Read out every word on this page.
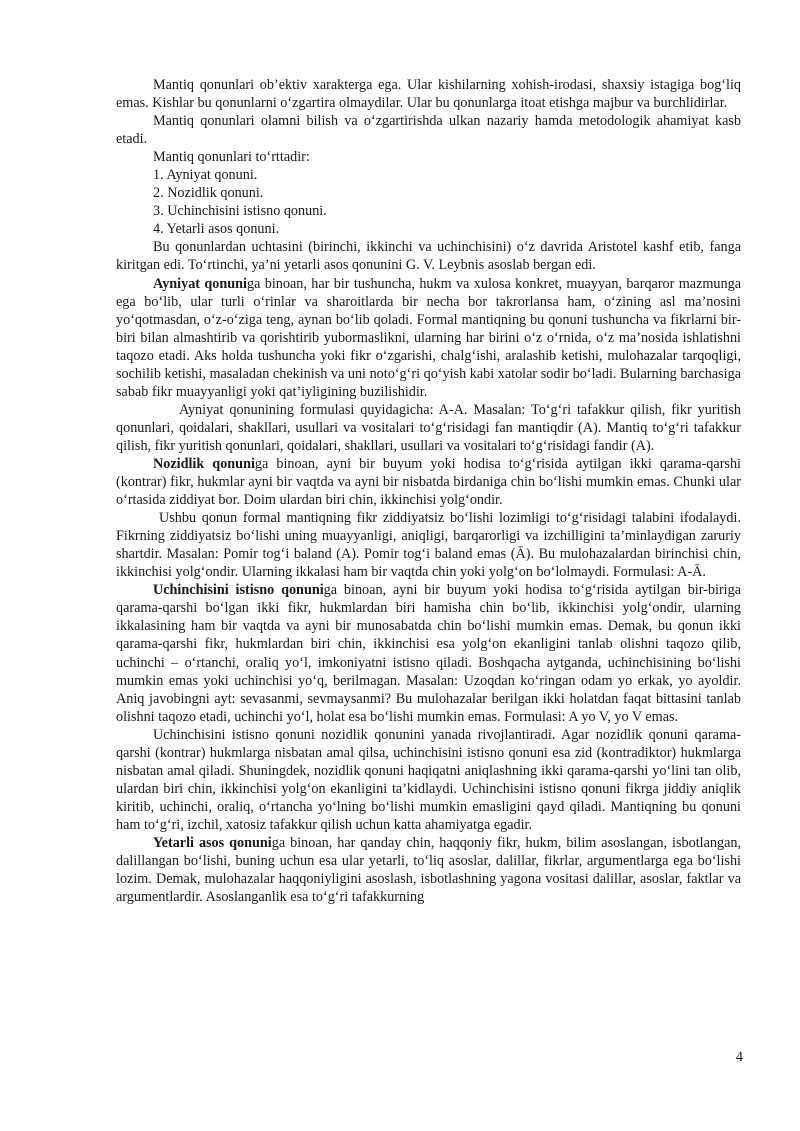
Mantiq qonunlari ob’ektiv xarakterga ega. Ular kishilarning xohish-irodasi, shaxsiy istagiga bog‘liq emas. Kishlar bu qonunlarni o‘zgartira olmaydilar. Ular bu qonunlarga itoat etishga majbur va burchlidirlar.

Mantiq qonunlari olamni bilish va o‘zgartirishda ulkan nazariy hamda metodologik ahamiyat kasb etadi.

Mantiq qonunlari to‘rttadir:

1. Ayniyat qonuni.

2. Nozidlik qonuni.

3. Uchinchisini istisno qonuni.

4. Yetarli asos qonuni.

Bu qonunlardan uchtasini (birinchi, ikkinchi va uchinchisini) o‘z davrida Aristotel kashf etib, fanga kiritgan edi. To‘rtinchi, ya’ni yetarli asos qonunini G. V. Leybnis asoslab bergan edi.

Ayniyat qonuniga binoan, har bir tushuncha, hukm va xulosa konkret, muayyan, barqaror mazmunga ega bo‘lib, ular turli o‘rinlar va sharoitlarda bir necha bor takrorlansa ham, o‘zining asl ma’nosini yo‘qotmasdan, o‘z-o‘ziga teng, aynan bo‘lib qoladi. Formal mantiqning bu qonuni tushuncha va fikrlarni bir-biri bilan almashtirib va qorishtirib yubormaslikni, ularning har birini o‘z o‘rnida, o‘z ma’nosida ishlatishni taqozo etadi. Aks holda tushuncha yoki fikr o‘zgarishi, chalg‘ishi, aralashib ketishi, mulohazalar tarqoqligi, sochilib ketishi, masaladan chekinish va uni noto‘g‘ri qo‘yish kabi xatolar sodir bo‘ladi. Bularning barchasiga sabab fikr muayyanligi yoki qat’iyligining buzilishidir.

Ayniyat qonunining formulasi quyidagicha: A-A. Masalan: To‘g‘ri tafakkur qilish, fikr yuritish qonunlari, qoidalari, shakllari, usullari va vositalari to‘g‘risidagi fan mantiqdir (A). Mantiq to‘g‘ri tafakkur qilish, fikr yuritish qonunlari, qoidalari, shakllari, usullari va vositalari to‘g‘risidagi fandir (A).

Nozidlik qonuniga binoan, ayni bir buyum yoki hodisa to‘g‘risida aytilgan ikki qarama-qarshi (kontrar) fikr, hukmlar ayni bir vaqtda va ayni bir nisbatda birdaniga chin bo‘lishi mumkin emas. Chunki ular o‘rtasida ziddiyat bor. Doim ulardan biri chin, ikkinchisi yolg‘ondir.

Ushbu qonun formal mantiqning fikr ziddiyatsiz bo‘lishi lozimligi to‘g‘risidagi talabini ifodalaydi. Fikrning ziddiyatsiz bo‘lishi uning muayyanligi, aniqligi, barqarorligi va izchilligini ta’minlaydigan zaruriy shartdir. Masalan: Pomir tog‘i baland (A). Pomir tog‘i baland emas (Ā). Bu mulohazalardan birinchisi chin, ikkinchisi yolg‘ondir. Ularning ikkalasi ham bir vaqtda chin yoki yolg‘on bo‘lolmaydi. Formulasi: A-Ā.

Uchinchisini istisno qonuniga binoan, ayni bir buyum yoki hodisa to‘g‘risida aytilgan bir-biriga qarama-qarshi bo‘lgan ikki fikr, hukmlardan biri hamisha chin bo‘lib, ikkinchisi yolg‘ondir, ularning ikkalasining ham bir vaqtda va ayni bir munosabatda chin bo‘lishi mumkin emas. Demak, bu qonun ikki qarama-qarshi fikr, hukmlardan biri chin, ikkinchisi esa yolg‘on ekanligini tanlab olishni taqozo qilib, uchinchi – o‘rtanchi, oraliq yo‘l, imkoniyatni istisno qiladi. Boshqacha aytganda, uchinchisining bo‘lishi mumkin emas yoki uchinchisi yo‘q, berilmagan. Masalan: Uzoqdan ko‘ringan odam yo erkak, yo ayoldir. Aniq javobingni ayt: sevasanmi, sevmaysanmi? Bu mulohazalar berilgan ikki holatdan faqat bittasini tanlab olishni taqozo etadi, uchinchi yo‘l, holat esa bo‘lishi mumkin emas. Formulasi: A yo V, yo V emas.

Uchinchisini istisno qonuni nozidlik qonunini yanada rivojlantiradi. Agar nozidlik qonuni qarama-qarshi (kontrar) hukmlarga nisbatan amal qilsa, uchinchisini istisno qonuni esa zid (kontradiktor) hukmlarga nisbatan amal qiladi. Shuningdek, nozidlik qonuni haqiqatni aniqlashning ikki qarama-qarshi yo‘lini tan olib, ulardan biri chin, ikkinchisi yolg‘on ekanligini ta’kidlaydi. Uchinchisini istisno qonuni fikrga jiddiy aniqlik kiritib, uchinchi, oraliq, o‘rtancha yo‘lning bo‘lishi mumkin emasligini qayd qiladi. Mantiqning bu qonuni ham to‘g‘ri, izchil, xatosiz tafakkur qilish uchun katta ahamiyatga egadir.

Yetarli asos qonuniga binoan, har qanday chin, haqqoniy fikr, hukm, bilim asoslangan, isbotlangan, dalillangan bo‘lishi, buning uchun esa ular yetarli, to‘liq asoslar, dalillar, fikrlar, argumentlarga ega bo‘lishi lozim. Demak, mulohazalar haqqoniyligini asoslash, isbotlashning yagona vositasi dalillar, asoslar, faktlar va argumentlardir. Asoslanganlik esa to‘g‘ri tafakkurning

4
